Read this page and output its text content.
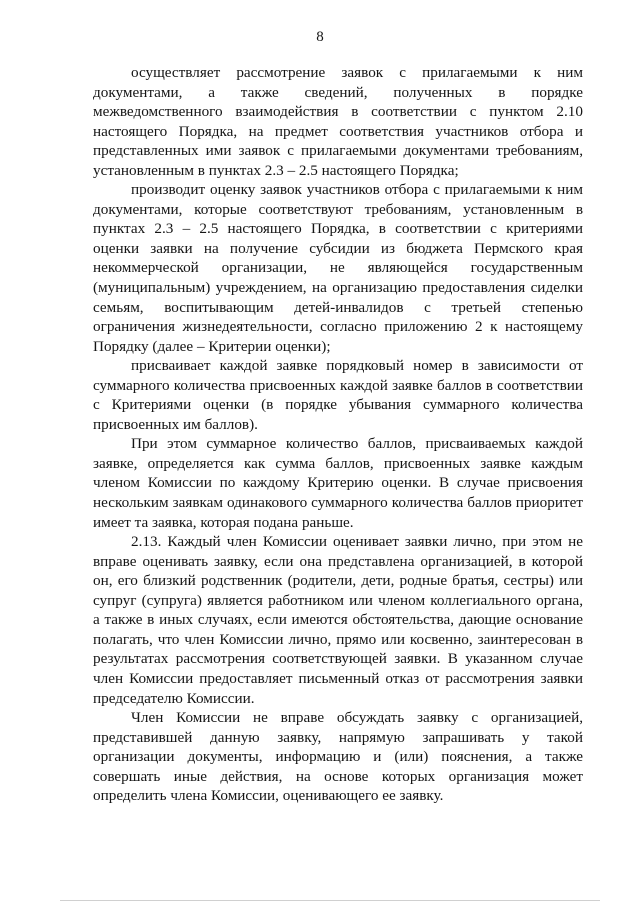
8

осуществляет рассмотрение заявок с прилагаемыми к ним документами, а также сведений, полученных в порядке межведомственного взаимодействия в соответствии с пунктом 2.10 настоящего Порядка, на предмет соответствия участников отбора и представленных ими заявок с прилагаемыми документами требованиям, установленным в пунктах 2.3 – 2.5 настоящего Порядка;

производит оценку заявок участников отбора с прилагаемыми к ним документами, которые соответствуют требованиям, установленным в пунктах 2.3 – 2.5 настоящего Порядка, в соответствии с критериями оценки заявки на получение субсидии из бюджета Пермского края некоммерческой организации, не являющейся государственным (муниципальным) учреждением, на организацию предоставления сиделки семьям, воспитывающим детей-инвалидов с третьей степенью ограничения жизнедеятельности, согласно приложению 2 к настоящему Порядку (далее – Критерии оценки);

присваивает каждой заявке порядковый номер в зависимости от суммарного количества присвоенных каждой заявке баллов в соответствии с Критериями оценки (в порядке убывания суммарного количества присвоенных им баллов).

При этом суммарное количество баллов, присваиваемых каждой заявке, определяется как сумма баллов, присвоенных заявке каждым членом Комиссии по каждому Критерию оценки. В случае присвоения нескольким заявкам одинакового суммарного количества баллов приоритет имеет та заявка, которая подана раньше.

2.13. Каждый член Комиссии оценивает заявки лично, при этом не вправе оценивать заявку, если она представлена организацией, в которой он, его близкий родственник (родители, дети, родные братья, сестры) или супруг (супруга) является работником или членом коллегиального органа, а также в иных случаях, если имеются обстоятельства, дающие основание полагать, что член Комиссии лично, прямо или косвенно, заинтересован в результатах рассмотрения соответствующей заявки. В указанном случае член Комиссии предоставляет письменный отказ от рассмотрения заявки председателю Комиссии.

Член Комиссии не вправе обсуждать заявку с организацией, представившей данную заявку, напрямую запрашивать у такой организации документы, информацию и (или) пояснения, а также совершать иные действия, на основе которых организация может определить члена Комиссии, оценивающего ее заявку.
